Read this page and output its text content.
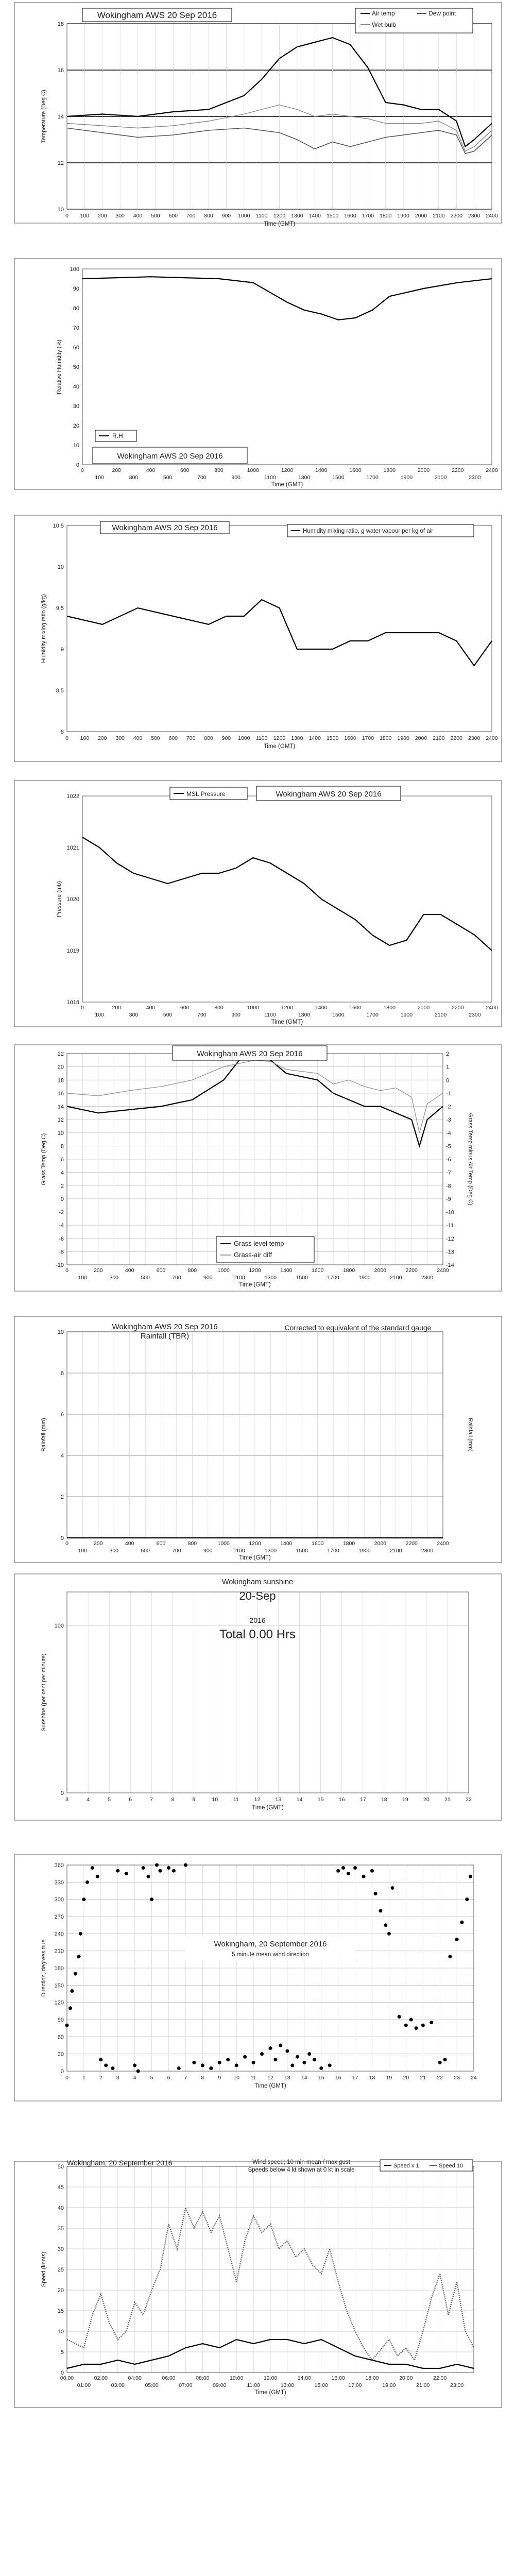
10
12
14
16
18
0 100 200 300 400 500 600 700 800 900 1000 1100 1200 1300 1400 1500 1600 1700 1800 1900 2000 2100 2200 2300 2400
Time (GMT)
Temperature (Deg C)
Wokingham AWS 20 Sep 2016	Air temp	Dew point
Wet bulb
0
10
20
30
40
50
60
70
80
90
100
0	200	400	600	800	1000	1200	1400	1600	1800	2000	2200	2400
100	300	500	700	900	1100	1300	1500	1700	1900	2100	2300
Time (GMT)
Relative Humidity (%)
R.H
Wokingham AWS 20 Sep 2016
8
8.5
9
9.5
10
10.5
0 100 200 300 400 500 600 700 800 900 1000 1100 1200 1300 1400 1500 1600 1700 1800 1900 2000 2100 2200 2300 2400
Time (GMT)
Humidity mixing ratio (g/kg)
Wokingham AWS 20 Sep 2016	Humidity mixing ratio, g water vapour per kg of air
1018
1019
1020
1021
1022
0	200	400	600	800	1000	1200	1400	1600	1800	2000	2200	2400
100	300	500	700	900	1100	1300	1500	1700	1900	2100	2300
Time (GMT)
Pressure (mb)
MSL Pressure	Wokingham AWS 20 Sep 2016
-10
-8
-6
-4
-2
0
2
4
6
8
10
12
14
16
18
20
22
-14
-13
-12
-11
-10
-9
-8
-7
-6
-5
-4
-3
-2
-1
0
1
2
0	200	400	600	800	1000	1200	1400	1600	1800	2000	2200	2400
100	300	500	700	900	1100	1300	1500	1700	1900	2100	2300
Time (GMT)
Grass Temp (Deg C)	Grass Temp minus Air Temp (Deg C)
Wokingham AWS 20 Sep 2016
Grass level temp
Grass-air diff
0
2
4
6
8
10
0	200	400	600	800	1000	1200	1400	1600	1800	2000	2200	2400
100	300	500	700	900	1100	1300	1500	1700	1900	2100	2300
Time (GMT)
Rainfall (mm)	Rainfall (mm)
Wokingham AWS 20 Sep 2016
Rainfall (TBR)
Corrected to equivalent of the standard gauge
0
100
3	4	5	6	7	8	9	10	11	12	13	14	15	16	17	18	19	20	21	22
Time (GMT)
Sunshine (per cent per minute)
Wokingham sunshine
20-Sep
2016
Total 0.00 Hrs
0
30
60
90
120
150
180
210
240
270
300
330
360
0	1	2	3	4	5	6	7	8	9 10 11 12 13 14 15 16 17 18 19 20 21 22 23 24
Time (GMT)
Direction, degrees true	Wokingham, 20 September 2016
5 minute mean wind direction
0
5
10
15
20
25
30
35
40
45
50
00:00	02:00	04:00	06:00	08:00	10:00	12:00	14:00	16:00	18:00	20:00	22:00
01:00	03:00	05:00	07:00	09:00	11:00	13:00	15:00	17:00	19:00	21:00	23:00
Time (GMT)
Speed (knots)
Wokingham, 20 September 2016	Wind speed; 10 min mean / max gust
Speeds below 4 kt shown at 0 kt in scale
Speed x 1	Speed 10
